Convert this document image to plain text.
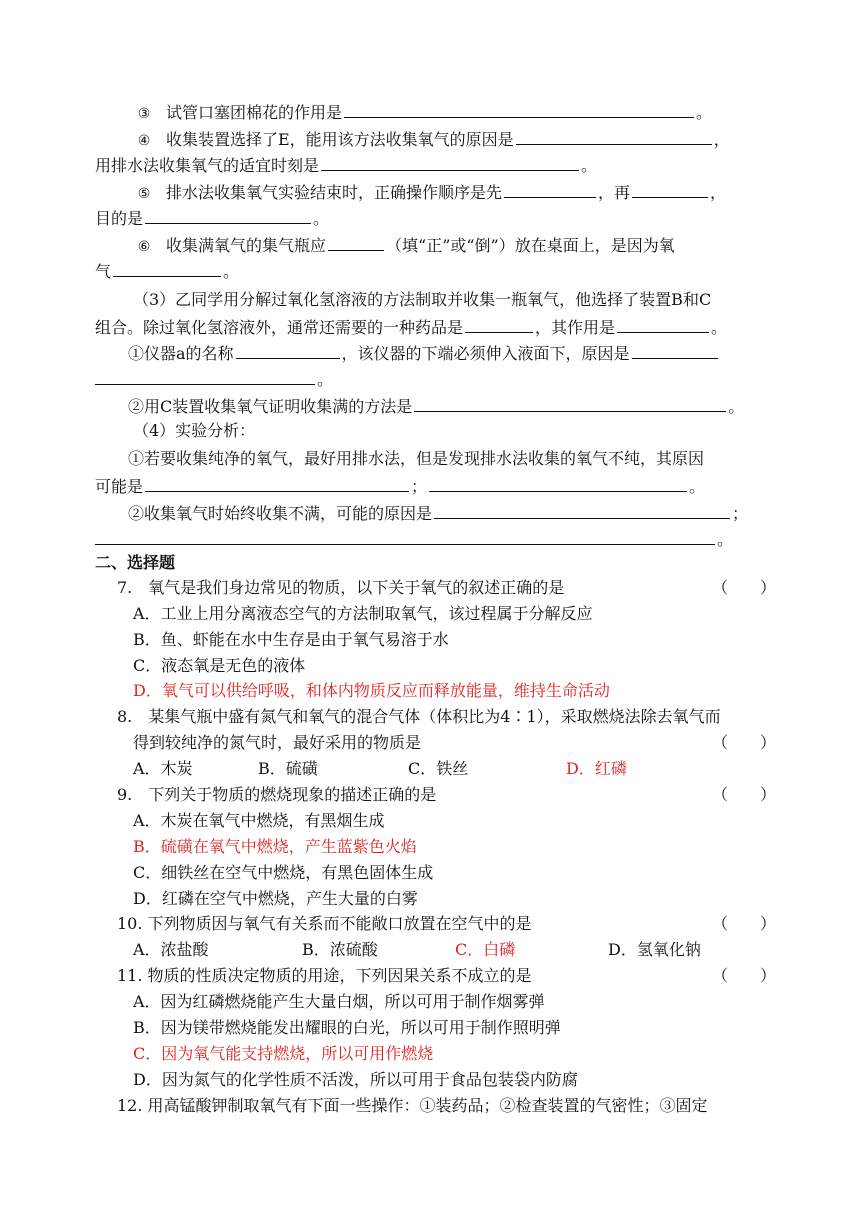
③ 试管口塞团棉花的作用是	。
④ 收集装置选择了E，能用该方法收集氧气的原因是	，
用排水法收集氧气的适宜时刻是	。
⑤ 排水法收集氧气实验结束时，正确操作顺序是先	，再	，
目的是	。
⑥ 收集满氧气的集气瓶应	（填“正”或“倒”）放在桌面上，是因为氧
气	。
（3）乙同学用分解过氧化氢溶液的方法制取并收集一瓶氧气，他选择了装置B和C
组合。除过氧化氢溶液外，通常还需要的一种药品是	，其作用是	。
①仪器a的名称	，该仪器的下端必须伸入液面下，原因是
。
②用C装置收集氧气证明收集满的方法是	。
（4）实验分析：
①若要收集纯净的氧气，最好用排水法，但是发现排水法收集的氧气不纯，其原因
可能是	；	。
②收集氧气时始终收集不满，可能的原因是	；
。
二、选择题
7.　氧气是我们身边常见的物质，以下关于氧气的叙述正确的是	（　　）
A．工业上用分离液态空气的方法制取氧气，该过程属于分解反应
B．鱼、虾能在水中生存是由于氧气易溶于水
C．液态氧是无色的液体
D．氧气可以供给呼吸，和体内物质反应而释放能量，维持生命活动
8.　某集气瓶中盛有氮气和氧气的混合气体（体积比为4∶1），采取燃烧法除去氧气而
得到较纯净的氮气时，最好采用的物质是	（　　）
A．木炭	B．硫磺	C．铁丝	D．红磷
9.　下列关于物质的燃烧现象的描述正确的是	（　　）
A．木炭在氧气中燃烧，有黑烟生成
B．硫磺在氧气中燃烧，产生蓝紫色火焰
C．细铁丝在空气中燃烧，有黑色固体生成
D．红磷在空气中燃烧，产生大量的白雾
10. 下列物质因与氧气有关系而不能敞口放置在空气中的是	（　　）
A．浓盐酸	B．浓硫酸	C．白磷	D．氢氧化钠
11. 物质的性质决定物质的用途，下列因果关系不成立的是	（　　）
A．因为红磷燃烧能产生大量白烟，所以可用于制作烟雾弹
B．因为镁带燃烧能发出耀眼的白光，所以可用于制作照明弹
C．因为氧气能支持燃烧，所以可用作燃烧
D．因为氮气的化学性质不活泼，所以可用于食品包装袋内防腐
12. 用高锰酸钾制取氧气有下面一些操作：①装药品；②检查装置的气密性；③固定
